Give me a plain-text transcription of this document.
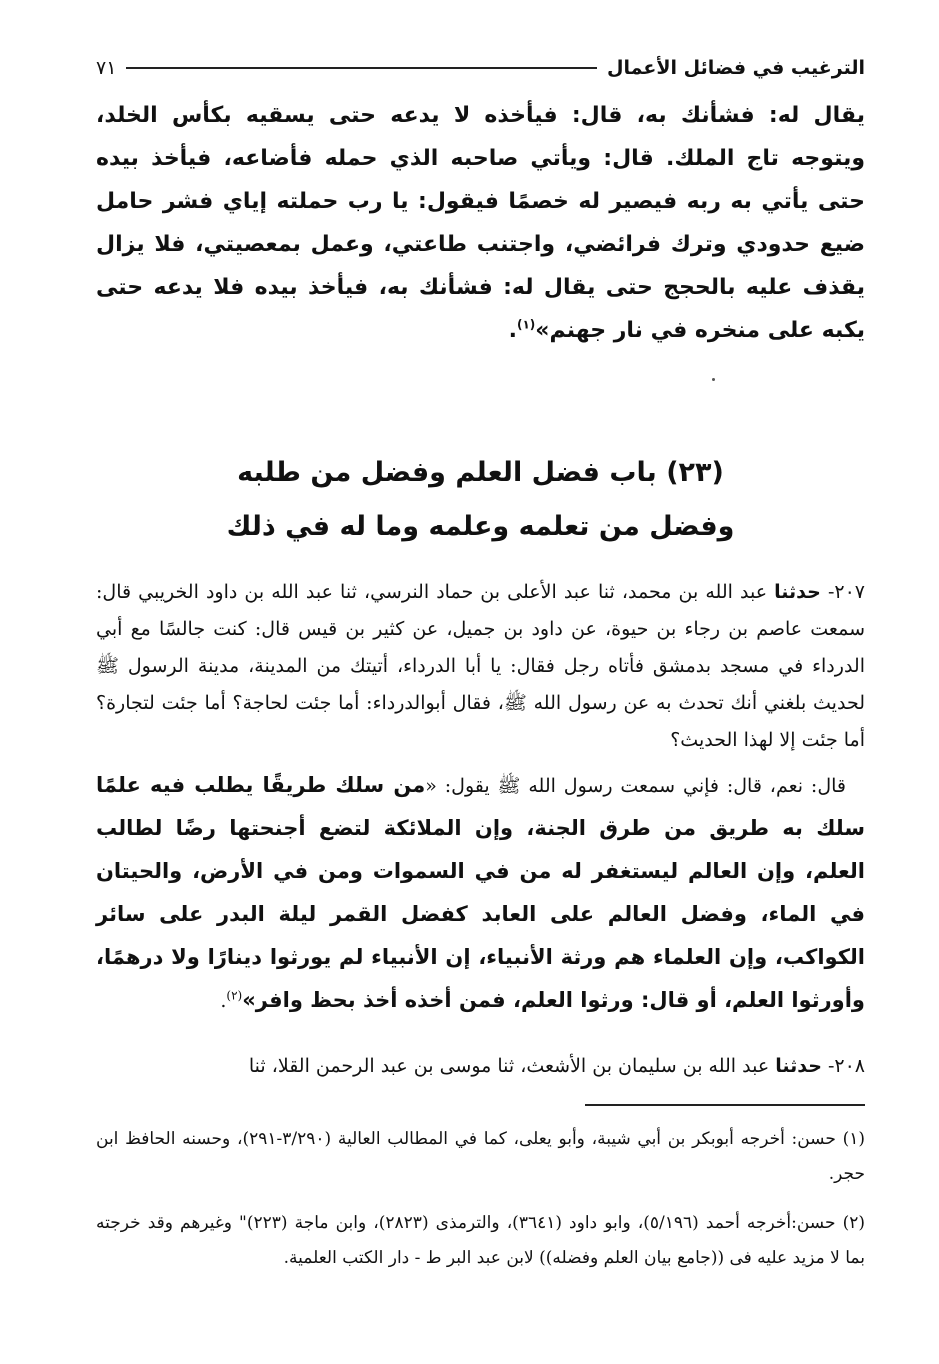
الترغيب في فضائل الأعمال
٧١
يقال له: فشأنك به، قال: فيأخذه لا يدعه حتى يسقيه بكأس الخلد، ويتوجه تاج الملك. قال: ويأتي صاحبه الذي حمله فأضاعه، فيأخذ بيده حتى يأتي به ربه فيصير له خصمًا فيقول: يا رب حملته إياي فشر حامل ضيع حدودي وترك فرائضي، واجتنب طاعتي، وعمل بمعصيتي، فلا يزال يقذف عليه بالحجج حتى يقال له: فشأنك به، فيأخذ بيده فلا يدعه حتى يكبه على منخره في نار جهنم»$^{(١)}$.
(٢٣) باب فضل العلم وفضل من طلبه
وفضل من تعلمه وعلمه وما له في ذلك
٢٠٧- حدثنا عبد الله بن محمد، ثنا عبد الأعلى بن حماد النرسي، ثنا عبد الله بن داود الخريبي قال: سمعت عاصم بن رجاء بن حيوة، عن داود بن جميل، عن كثير بن قيس قال: كنت جالسًا مع أبي الدرداء في مسجد بدمشق فأتاه رجل فقال: يا أبا الدرداء، أتيتك من المدينة، مدينة الرسول ﷺ لحديث بلغني أنك تحدث به عن رسول الله ﷺ، فقال أبوالدرداء: أما جئت لحاجة؟ أما جئت لتجارة؟ أما جئت إلا لهذا الحديث؟
 قال: نعم، قال: فإني سمعت رسول الله ﷺ يقول: «من سلك طريقًا يطلب فيه علمًا سلك به طريق من طرق الجنة، وإن الملائكة لتضع أجنحتها رضًا لطالب العلم، وإن العالم ليستغفر له من في السموات ومن في الأرض، والحيتان في الماء، وفضل العالم على العابد كفضل القمر ليلة البدر على سائر الكواكب، وإن العلماء هم ورثة الأنبياء، إن الأنبياء لم يورثوا دينارًا ولا درهمًا، وأورثوا العلم، أو قال: ورثوا العلم، فمن أخذه أخذ بحظ وافر»$^{(٢)}$.
٢٠٨- حدثنا عبد الله بن سليمان بن الأشعث، ثنا موسى بن عبد الرحمن القلا، ثنا
(١) حسن: أخرجه أبوبكر بن أبي شيبة، وأبو يعلى، كما في المطالب العالية (٣/٢٩٠-٢٩١)، وحسنه الحافظ ابن حجر.
(٢) حسن:أخرجه أحمد (٥/١٩٦)، وابو داود (٣٦٤١)، والترمذى (٢٨٢٣)، وابن ماجة (٢٢٣)" وغيرهم وقد خرجته بما لا مزيد عليه فى ((جامع بيان العلم وفضله)) لابن عبد البر ط - دار الكتب العلمية.
